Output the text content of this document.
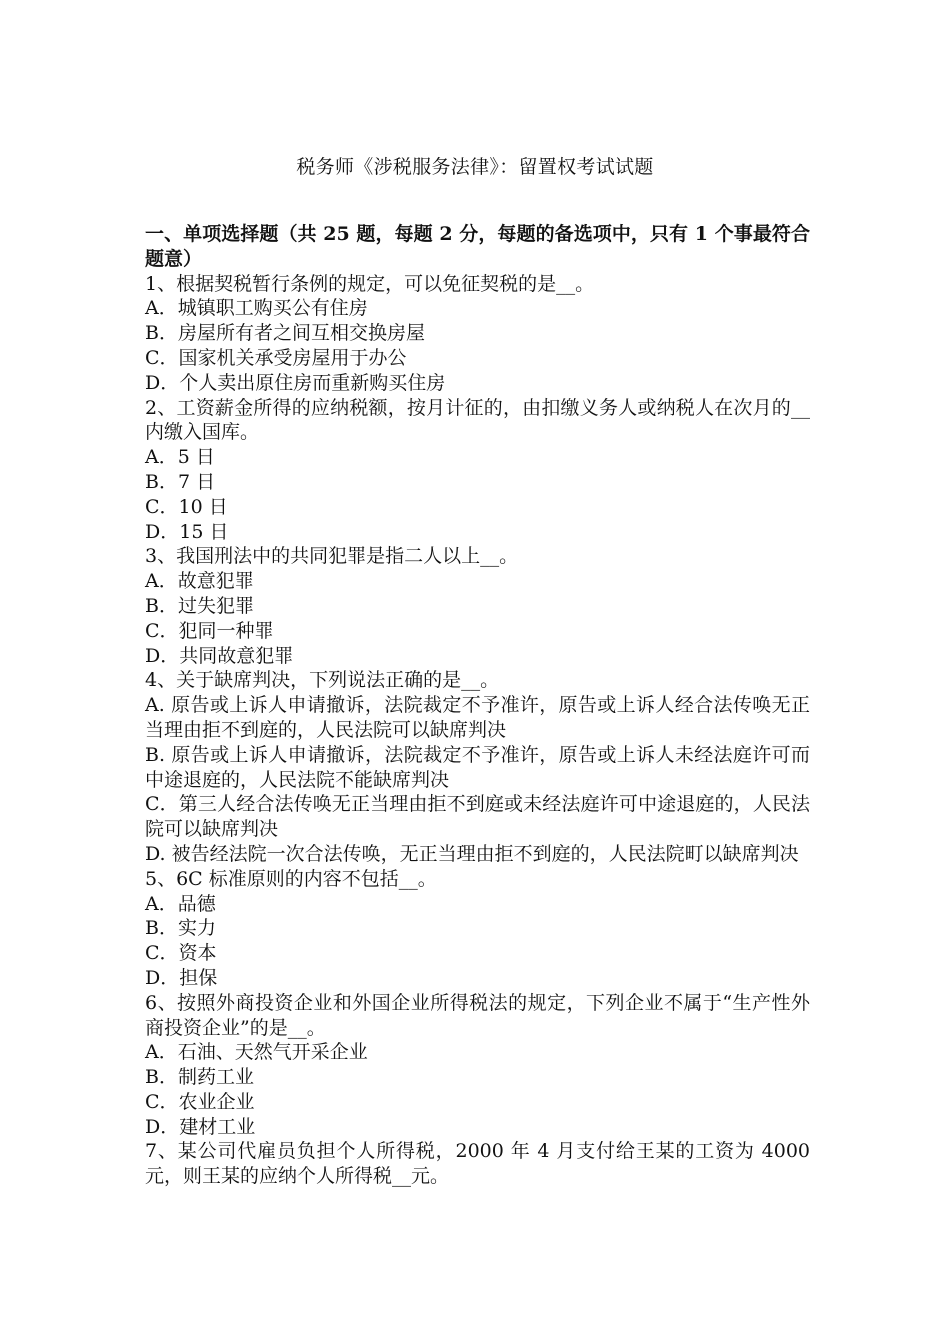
税务师《涉税服务法律》：留置权考试试题

一、单项选择题（共 25 题，每题 2 分，每题的备选项中，只有 1 个事最符合题意）

1、根据契税暂行条例的规定，可以免征契税的是__。

A．城镇职工购买公有住房

B．房屋所有者之间互相交换房屋

C．国家机关承受房屋用于办公

D．个人卖出原住房而重新购买住房

2、工资薪金所得的应纳税额，按月计征的，由扣缴义务人或纳税人在次月的__内缴入国库。

A．5 日

B．7 日

C．10 日

D．15 日

3、我国刑法中的共同犯罪是指二人以上__。

A．故意犯罪

B．过失犯罪

C．犯同一种罪

D．共同故意犯罪

4、关于缺席判决，下列说法正确的是__。

A. 原告或上诉人申请撤诉，法院裁定不予准许，原告或上诉人经合法传唤无正当理由拒不到庭的，人民法院可以缺席判决

B. 原告或上诉人申请撤诉，法院裁定不予准许，原告或上诉人未经法庭许可而中途退庭的，人民法院不能缺席判决

C．第三人经合法传唤无正当理由拒不到庭或未经法庭许可中途退庭的，人民法院可以缺席判决

D. 被告经法院一次合法传唤，无正当理由拒不到庭的，人民法院町以缺席判决

5、6C 标准原则的内容不包括__。

A．品德

B．实力

C．资本

D．担保

6、按照外商投资企业和外国企业所得税法的规定，下列企业不属于“生产性外商投资企业”的是__。

A．石油、天然气开采企业

B．制药工业

C．农业企业

D．建材工业

7、某公司代雇员负担个人所得税，2000 年 4 月支付给王某的工资为 4000 元，则王某的应纳个人所得税__元。
